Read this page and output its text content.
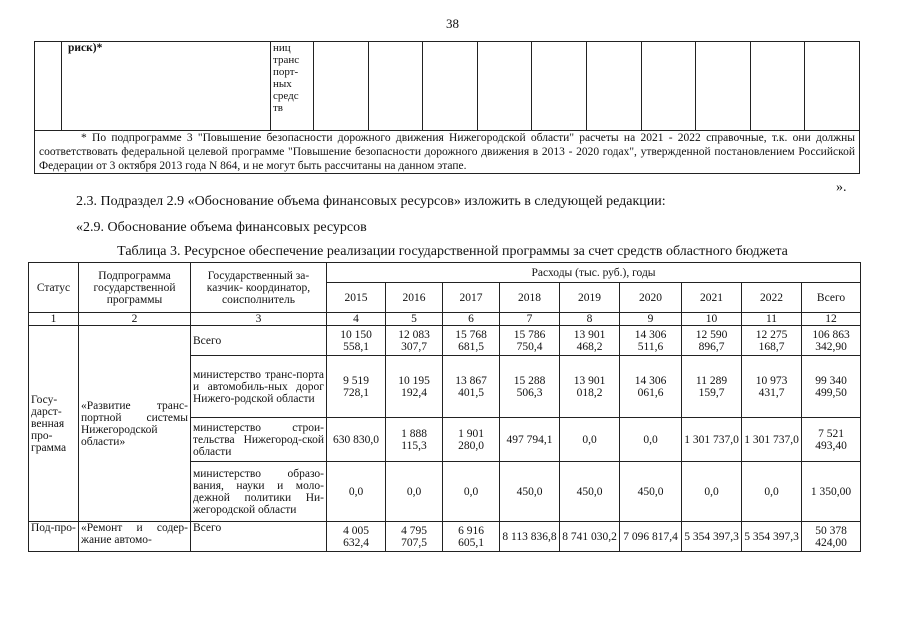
38
	риск)*	ниц транс порт- ных средс тв										
* По подпрограмме 3 "Повышение безопасности дорожного движения Нижегородской области" расчеты на 2021 - 2022 справочные, т.к. они должны соответствовать федеральной целевой программе "Повышение безопасности дорожного движения в 2013 - 2020 годах", утвержденной постановлением Российской Федерации от 3 октября 2013 года N 864, и не могут быть рассчитаны на данном этапе.
».
2.3. Подраздел 2.9 «Обоснование объема финансовых ресурсов» изложить в следующей редакции:
«2.9. Обоснование объема финансовых ресурсов
Таблица 3. Ресурсное обеспечение реализации государственной программы за счет средств областного бюджета
Статус	Подпрограмма государственной программы	Государственный за-казчик- координатор, соисполнитель	Расходы (тыс. руб.), годы								
			2015	2016	2017	2018	2019	2020	2021	2022	Всего
1	2	3	4	5	6	7	8	9	10	11	12
Госу-дарст-венная про-грамма	«Развитие транс-портной системы Нижегородской области»	Всего	10 150 558,1	12 083 307,7	15 768 681,5	15 786 750,4	13 901 468,2	14 306 511,6	12 590 896,7	12 275 168,7	106 863 342,90
		министерство транс-порта и автомобиль-ных дорог Нижего-родской области	9 519 728,1	10 195 192,4	13 867 401,5	15 288 506,3	13 901 018,2	14 306 061,6	11 289 159,7	10 973 431,7	99 340 499,50
		министерство строи-тельства Нижегород-ской области	630 830,0	1 888 115,3	1 901 280,0	497 794,1	0,0	0,0	1 301 737,0	1 301 737,0	7 521 493,40
		министерство образо-вания, науки и моло-дежной политики Ни-жегородской области	0,0	0,0	0,0	450,0	450,0	450,0	0,0	0,0	1 350,00
Под-про-	«Ремонт и содер-жание автомо-	Всего	4 005 632,4	4 795 707,5	6 916 605,1	8 113 836,8	8 741 030,2	7 096 817,4	5 354 397,3	5 354 397,3	50 378 424,00
